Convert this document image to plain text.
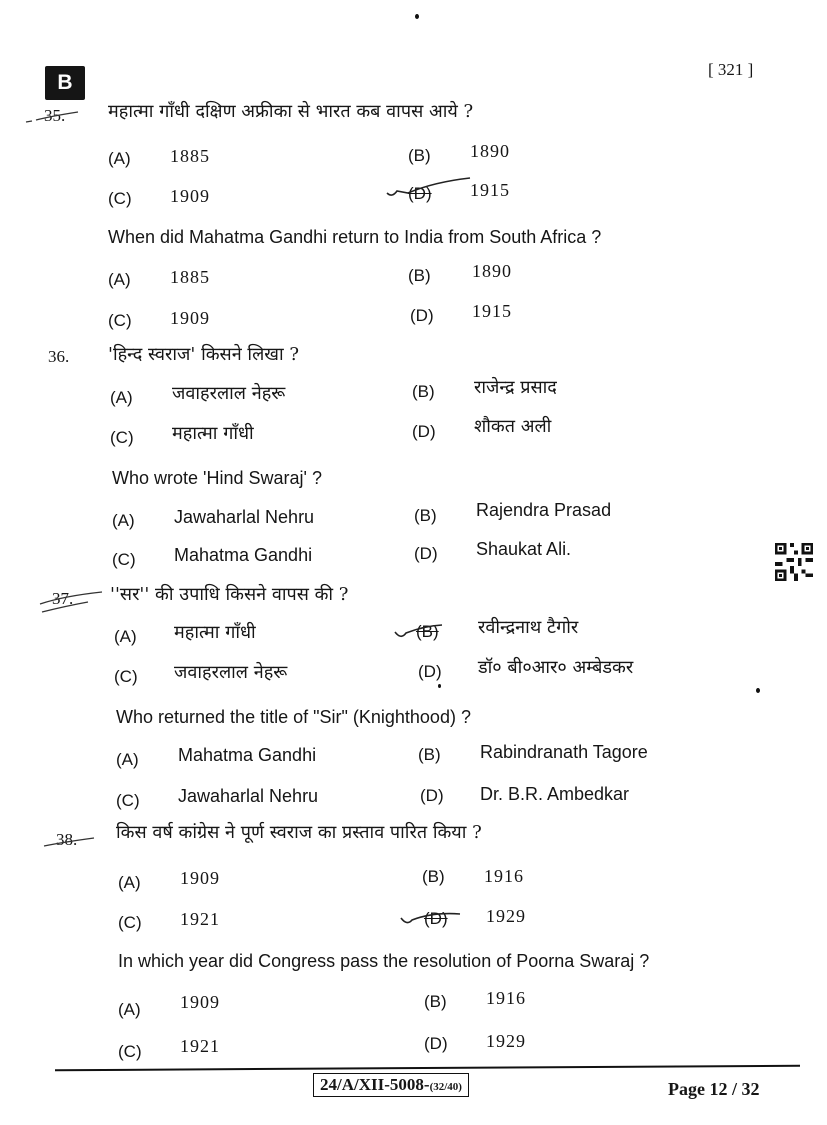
B
[ 321 ]
35. महात्मा गाँधी दक्षिण अफ्रीका से भारत कब वापस आये ?
(A) 1885	(B) 1890
(C) 1909	(D) 1915
When did Mahatma Gandhi return to India from South Africa ?
(A) 1885	(B) 1890
(C) 1909	(D) 1915
36. 'हिन्द स्वराज' किसने लिखा ?
(A) जवाहरलाल नेहरू	(B) राजेन्द्र प्रसाद
(C) महात्मा गाँधी	(D) शौकत अली
Who wrote 'Hind Swaraj' ?
(A) Jawaharlal Nehru	(B) Rajendra Prasad
(C) Mahatma Gandhi	(D) Shaukat Ali.
37. ''सर'' की उपाधि किसने वापस की ?
(A) महात्मा गाँधी	(B) रवीन्द्रनाथ टैगोर
(C) जवाहरलाल नेहरू	(D) डॉ० बी०आर० अम्बेडकर
Who returned the title of "Sir" (Knighthood) ?
(A) Mahatma Gandhi	(B) Rabindranath Tagore
(C) Jawaharlal Nehru	(D) Dr. B.R. Ambedkar
38. किस वर्ष कांग्रेस ने पूर्ण स्वराज का प्रस्ताव पारित किया ?
(A) 1909	(B) 1916
(C) 1921	(D) 1929
In which year did Congress pass the resolution of Poorna Swaraj ?
(A) 1909	(B) 1916
(C) 1921	(D) 1929
24/A/XII-5008-(32/40)	Page 12 / 32
